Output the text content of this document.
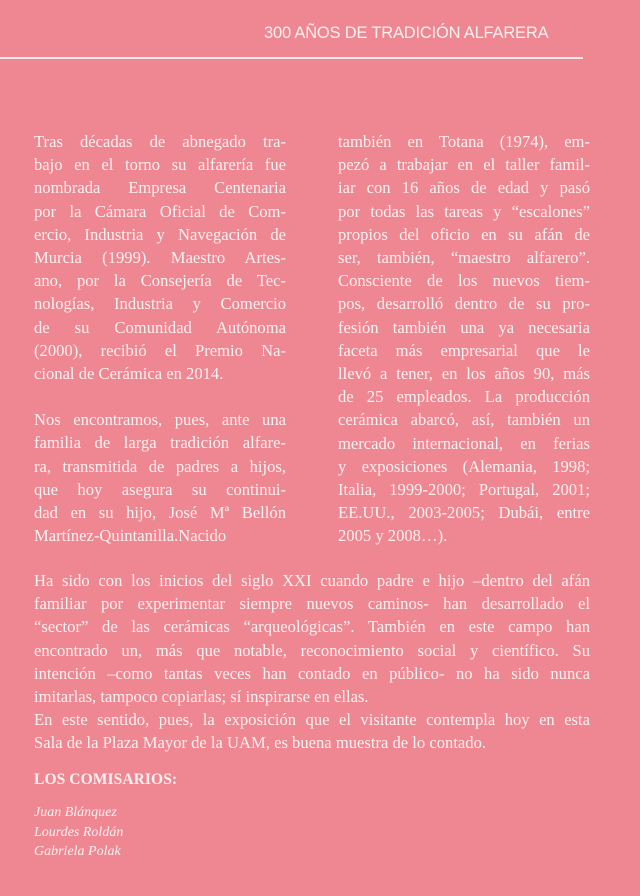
300 AÑOS DE TRADICIÓN ALFARERA

Tras décadas de abnegado tra-
bajo en el torno su alfarería fue
nombrada Empresa Centenaria
por la Cámara Oficial de Com-
ercio, Industria y Navegación de
Murcia (1999). Maestro Artes-
ano, por la Consejería de Tec-
nologías, Industria y Comercio
de su Comunidad Autónoma
(2000), recibió el Premio Na-
cional de Cerámica en 2014.

Nos encontramos, pues, ante una
familia de larga tradición alfare-
ra, transmitida de padres a hijos,
que hoy asegura su continui-
dad en su hijo, José Mª Bellón
Martínez-Quintanilla.Nacido

también en Totana (1974), em-
pezó a trabajar en el taller famil-
iar con 16 años de edad y pasó
por todas las tareas y “escalones”
propios del oficio en su afán de
ser, también, “maestro alfarero”.
Consciente de los nuevos tiem-
pos, desarrolló dentro de su pro-
fesión también una ya necesaria
faceta más empresarial que le
llevó a tener, en los años 90, más
de 25 empleados. La producción
cerámica abarcó, así, también un
mercado internacional, en ferias
y exposiciones (Alemania, 1998;
Italia, 1999-2000; Portugal, 2001;
EE.UU., 2003-2005; Dubái, entre
2005 y 2008…).

Ha sido con los inicios del siglo XXI cuando padre e hijo –dentro del afán
familiar por experimentar siempre nuevos caminos- han desarrollado el
“sector” de las cerámicas “arqueológicas”. También en este campo han
encontrado un, más que notable, reconocimiento social y científico. Su
intención –como tantas veces han contado en público- no ha sido nunca
imitarlas, tampoco copiarlas; sí inspirarse en ellas.
En este sentido, pues, la exposición que el visitante contempla hoy en esta
Sala de la Plaza Mayor de la UAM, es buena muestra de lo contado.
LOS COMISARIOS:
Juan Blánquez
Lourdes Roldán
Gabriela Polak
